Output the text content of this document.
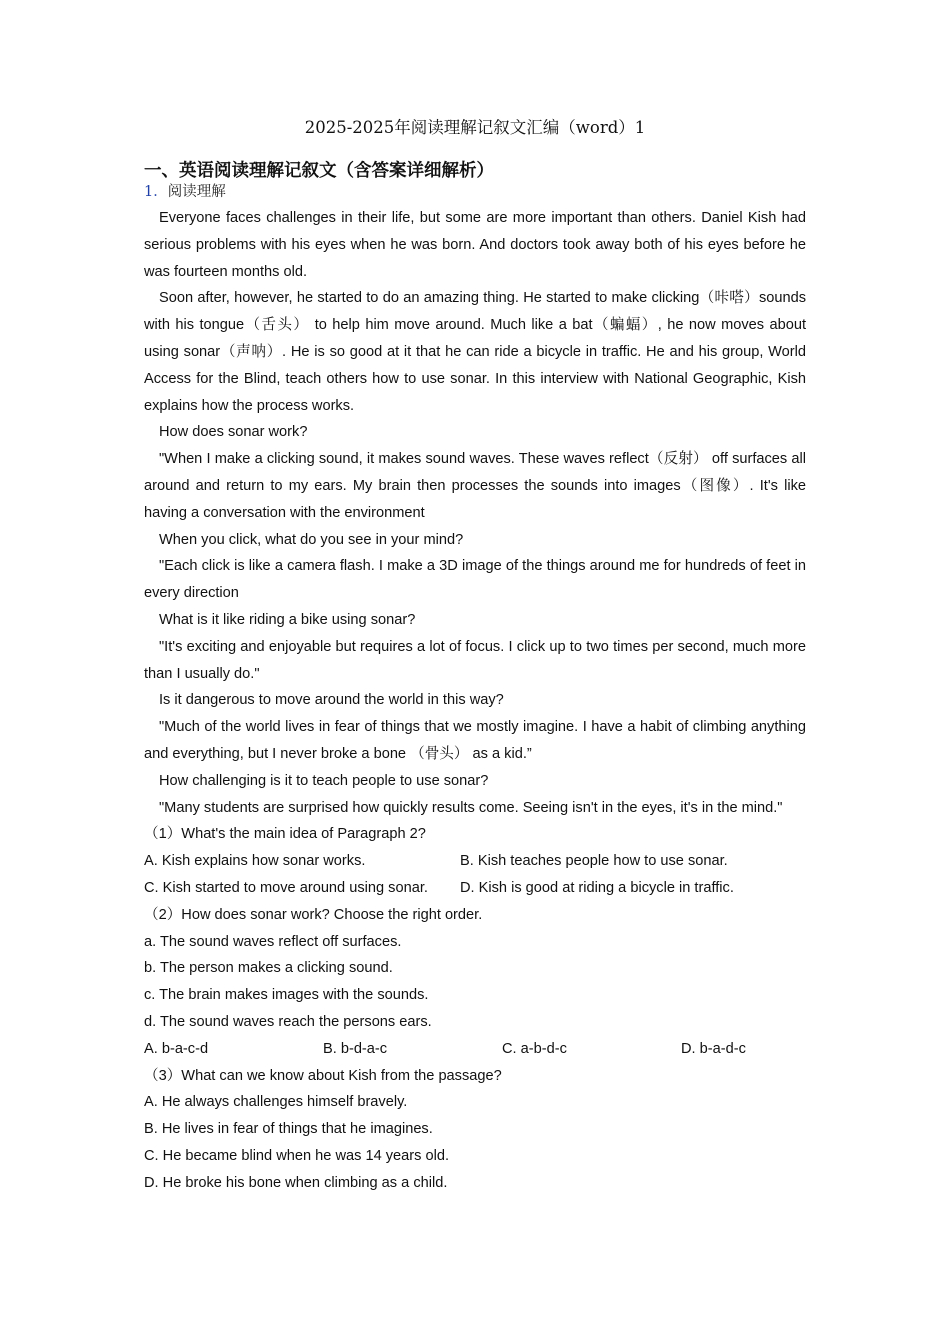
2025-2025年阅读理解记叙文汇编（word）1
一、英语阅读理解记叙文（含答案详细解析）
1．阅读理解

Everyone faces challenges in their life, but some are more important than others. Daniel Kish had serious problems with his eyes when he was born. And doctors took away both of his eyes before he was fourteen months old.

Soon after, however, he started to do an amazing thing. He started to make clicking（咔嗒）sounds with his tongue（舌头） to help him move around. Much like a bat（蝙蝠）, he now moves about using sonar（声呐）. He is so good at it that he can ride a bicycle in traffic. He and his group, World Access for the Blind, teach others how to use sonar. In this interview with National Geographic, Kish explains how the process works.

How does sonar work?

"When I make a clicking sound, it makes sound waves. These waves reflect（反射） off surfaces all around and return to my ears. My brain then processes the sounds into images（图像）. It's like having a conversation with the environment

When you click, what do you see in your mind?

"Each click is like a camera flash. I make a 3D image of the things around me for hundreds of feet in every direction

What is it like riding a bike using sonar?

"It's exciting and enjoyable but requires a lot of focus. I click up to two times per second, much more than I usually do."

Is it dangerous to move around the world in this way?

"Much of the world lives in fear of things that we mostly imagine. I have a habit of climbing anything and everything, but I never broke a bone （骨头） as a kid.”

How challenging is it to teach people to use sonar?

"Many students are surprised how quickly results come. Seeing isn't in the eyes, it's in the mind."

（1）What's the main idea of Paragraph 2?

A. Kish explains how sonar works.	B. Kish teaches people how to use sonar.
C. Kish started to move around using sonar.	D. Kish is good at riding a bicycle in traffic.

（2）How does sonar work? Choose the right order.

a. The sound waves reflect off surfaces.

b. The person makes a clicking sound.

c. The brain makes images with the sounds.

d. The sound waves reach the persons ears.

A. b-a-c-d	B. b-d-a-c	C. a-b-d-c	D. b-a-d-c

（3）What can we know about Kish from the passage?

A. He always challenges himself bravely.

B. He lives in fear of things that he imagines.

C. He became blind when he was 14 years old.

D. He broke his bone when climbing as a child.
